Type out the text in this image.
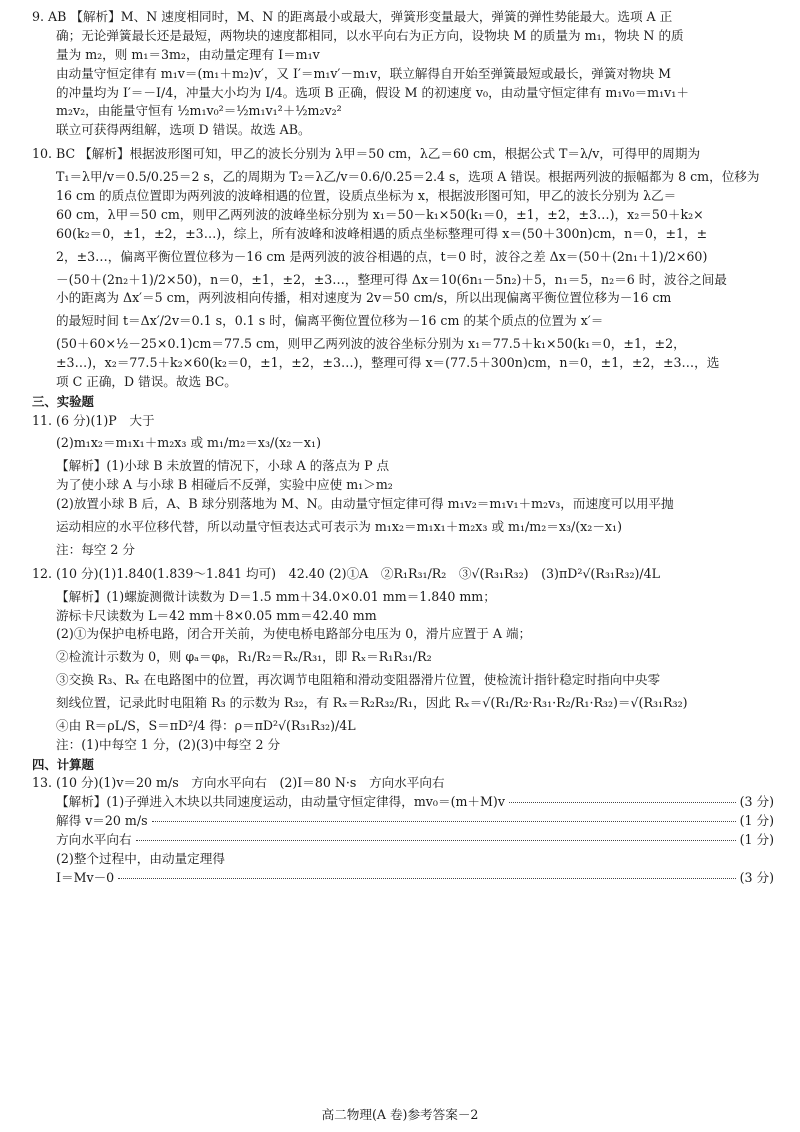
9. AB 【解析】M、N 速度相同时，M、N 的距离最小或最大，弹簧形变量最大，弹簧的弹性势能最大。选项 A 正

确；无论弹簧最长还是最短，两物块的速度都相同，以水平向右为正方向，设物块 M 的质量为 m₁，物块 N 的质

量为 m₂，则 m₁＝3m₂，由动量定理有 I＝m₁v

由动量守恒定律有 m₁v＝(m₁＋m₂)v′，又 I′＝m₁v′－m₁v，联立解得自开始至弹簧最短或最长，弹簧对物块 M

的冲量均为 I′＝－I/4，冲量大小均为 I/4。选项 B 正确，假设 M 的初速度 v₀，由动量守恒定律有 m₁v₀＝m₁v₁＋

m₂v₂，由能量守恒有 ½m₁v₀²＝½m₁v₁²＋½m₂v₂²

联立可获得两组解，选项 D 错误。故选 AB。

10. BC 【解析】根据波形图可知，甲乙的波长分别为 λ甲＝50 cm，λ乙＝60 cm，根据公式 T＝λ/v，可得甲的周期为

T₁＝λ甲/v＝0.5/0.25＝2 s，乙的周期为 T₂＝λ乙/v＝0.6/0.25＝2.4 s，选项 A 错误。根据两列波的振幅都为 8 cm，位移为

16 cm 的质点位置即为两列波的波峰相遇的位置，设质点坐标为 x，根据波形图可知，甲乙的波长分别为 λ乙＝

60 cm，λ甲＝50 cm，则甲乙两列波的波峰坐标分别为 x₁＝50－k₁×50(k₁＝0，±1，±2，±3…)，x₂＝50＋k₂×

60(k₂＝0，±1，±2，±3…)，综上，所有波峰和波峰相遇的质点坐标整理可得 x＝(50＋300n)cm，n＝0，±1，±

2，±3…，偏离平衡位置位移为－16 cm 是两列波的波谷相遇的点，t＝0 时，波谷之差 Δx＝(50＋(2n₁＋1)/2×60)

－(50＋(2n₂＋1)/2×50)，n＝0，±1，±2，±3…，整理可得 Δx＝10(6n₁－5n₂)＋5，n₁＝5，n₂＝6 时，波谷之间最

小的距离为 Δx′＝5 cm，两列波相向传播，相对速度为 2v＝50 cm/s，所以出现偏离平衡位置位移为－16 cm

的最短时间 t＝Δx′/2v＝0.1 s，0.1 s 时，偏离平衡位置位移为－16 cm 的某个质点的位置为 x′＝

(50＋60×½－25×0.1)cm＝77.5 cm，则甲乙两列波的波谷坐标分别为 x₁＝77.5＋k₁×50(k₁＝0，±1，±2，

±3…)，x₂＝77.5＋k₂×60(k₂＝0，±1，±2，±3…)，整理可得 x＝(77.5＋300n)cm，n＝0，±1，±2，±3…，选

项 C 正确，D 错误。故选 BC。

三、实验题

11. (6 分)(1)P　大于

(2)m₁x₂＝m₁x₁＋m₂x₃ 或 m₁/m₂＝x₃/(x₂－x₁)

【解析】(1)小球 B 未放置的情况下，小球 A 的落点为 P 点

为了使小球 A 与小球 B 相碰后不反弹，实验中应使 m₁＞m₂

(2)放置小球 B 后，A、B 球分别落地为 M、N。由动量守恒定律可得 m₁v₂＝m₁v₁＋m₂v₃，而速度可以用平抛

运动相应的水平位移代替，所以动量守恒表达式可表示为 m₁x₂＝m₁x₁＋m₂x₃ 或 m₁/m₂＝x₃/(x₂－x₁)

注：每空 2 分

12. (10 分)(1)1.840(1.839～1.841 均可)　42.40 (2)①A　②R₁R₃₁/R₂　③√(R₃₁R₃₂)　(3)πD²√(R₃₁R₃₂)/4L

【解析】(1)螺旋测微计读数为 D＝1.5 mm＋34.0×0.01 mm＝1.840 mm；

游标卡尺读数为 L＝42 mm＋8×0.05 mm＝42.40 mm

(2)①为保护电桥电路，闭合开关前，为使电桥电路部分电压为 0，滑片应置于 A 端；

②检流计示数为 0，则 φₐ＝φᵦ，R₁/R₂＝Rₓ/R₃₁，即 Rₓ＝R₁R₃₁/R₂

③交换 R₃、Rₓ 在电路图中的位置，再次调节电阻箱和滑动变阻器滑片位置，使检流计指针稳定时指向中央零

刻线位置，记录此时电阻箱 R₃ 的示数为 R₃₂，有 Rₓ＝R₂R₃₂/R₁，因此 Rₓ＝√(R₁/R₂·R₃₁·R₂/R₁·R₃₂)＝√(R₃₁R₃₂)

④由 R＝ρL/S，S＝πD²/4 得：ρ＝πD²√(R₃₁R₃₂)/4L

注：(1)中每空 1 分，(2)(3)中每空 2 分

四、计算题

13. (10 分)(1)v＝20 m/s　方向水平向右　(2)I＝80 N·s　方向水平向右

【解析】(1)子弹进入木块以共同速度运动，由动量守恒定律得，mv₀＝(m＋M)v	(3 分)
解得 v＝20 m/s	(1 分)
方向水平向右	(1 分)

(2)整个过程中，由动量定理得

I＝Mv－0	(3 分)
高二物理(A 卷)参考答案－2
